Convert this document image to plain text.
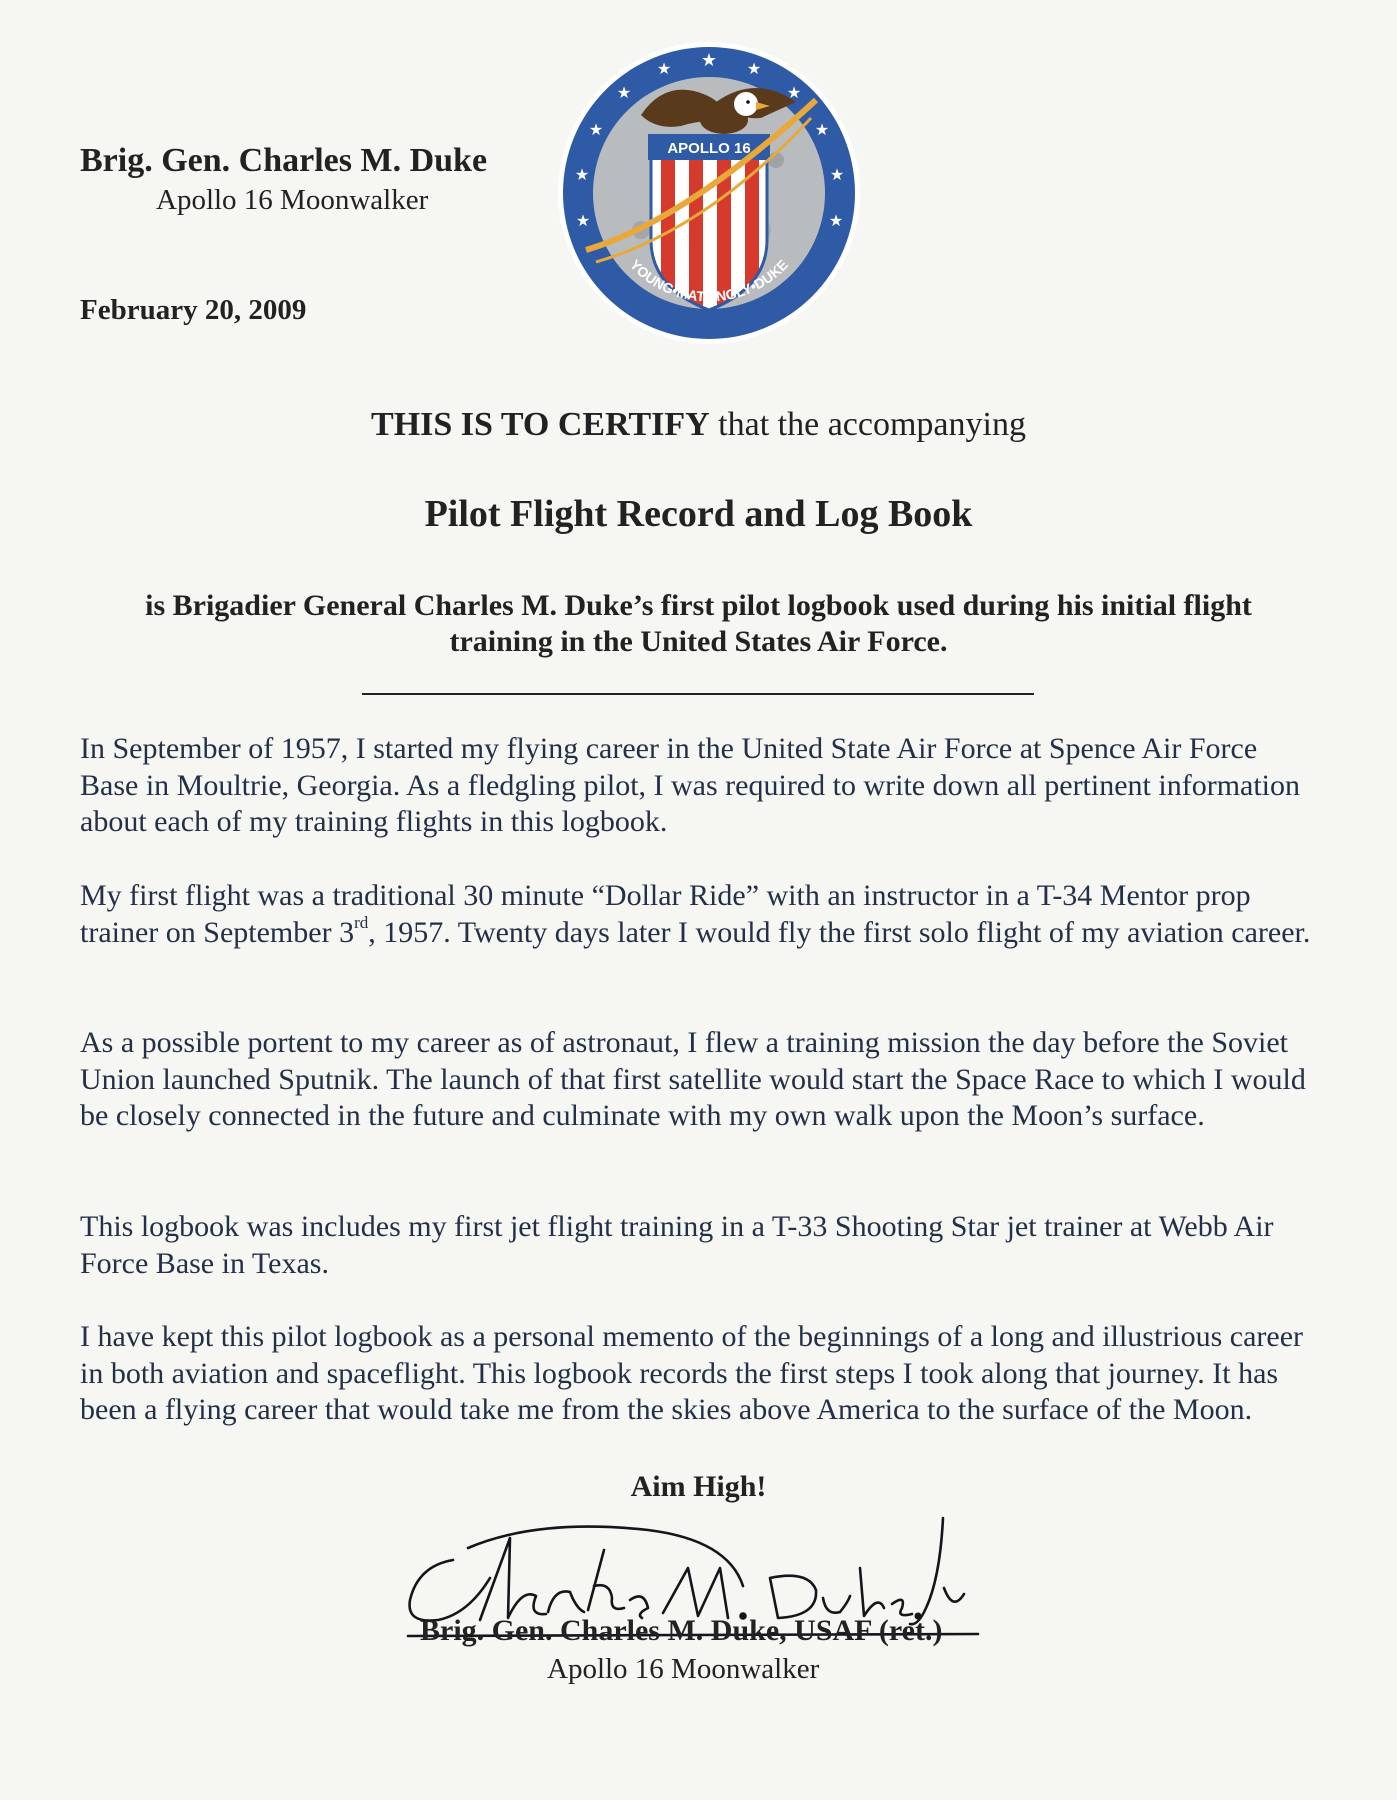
Brig. Gen. Charles M. Duke
Apollo 16 Moonwalker
February 20, 2009
★ ★
★
★
★
★
★
★
★
★
★
APOLLO 16
YOUNG•MATTINGLY•DUKE
THIS IS TO CERTIFY that the accompanying
Pilot Flight Record and Log Book
is Brigadier General Charles M. Duke’s first pilot logbook used during his initial flight training in the United States Air Force.
In September of 1957, I started my flying career in the United State Air Force at Spence Air Force Base in Moultrie, Georgia. As a fledgling pilot, I was required to write down all pertinent information about each of my training flights in this logbook.
My first flight was a traditional 30 minute “Dollar Ride” with an instructor in a T-34 Mentor prop trainer on September 3rd, 1957. Twenty days later I would fly the first solo flight of my aviation career.
As a possible portent to my career as of astronaut, I flew a training mission the day before the Soviet Union launched Sputnik. The launch of that first satellite would start the Space Race to which I would be closely connected in the future and culminate with my own walk upon the Moon’s surface.
This logbook was includes my first jet flight training in a T-33 Shooting Star jet trainer at Webb Air Force Base in Texas.
I have kept this pilot logbook as a personal memento of the beginnings of a long and illustrious career in both aviation and spaceflight. This logbook records the first steps I took along that journey. It has been a flying career that would take me from the skies above America to the surface of the Moon.
Aim High!
Brig. Gen. Charles M. Duke, USAF (ret.)
Apollo 16 Moonwalker
